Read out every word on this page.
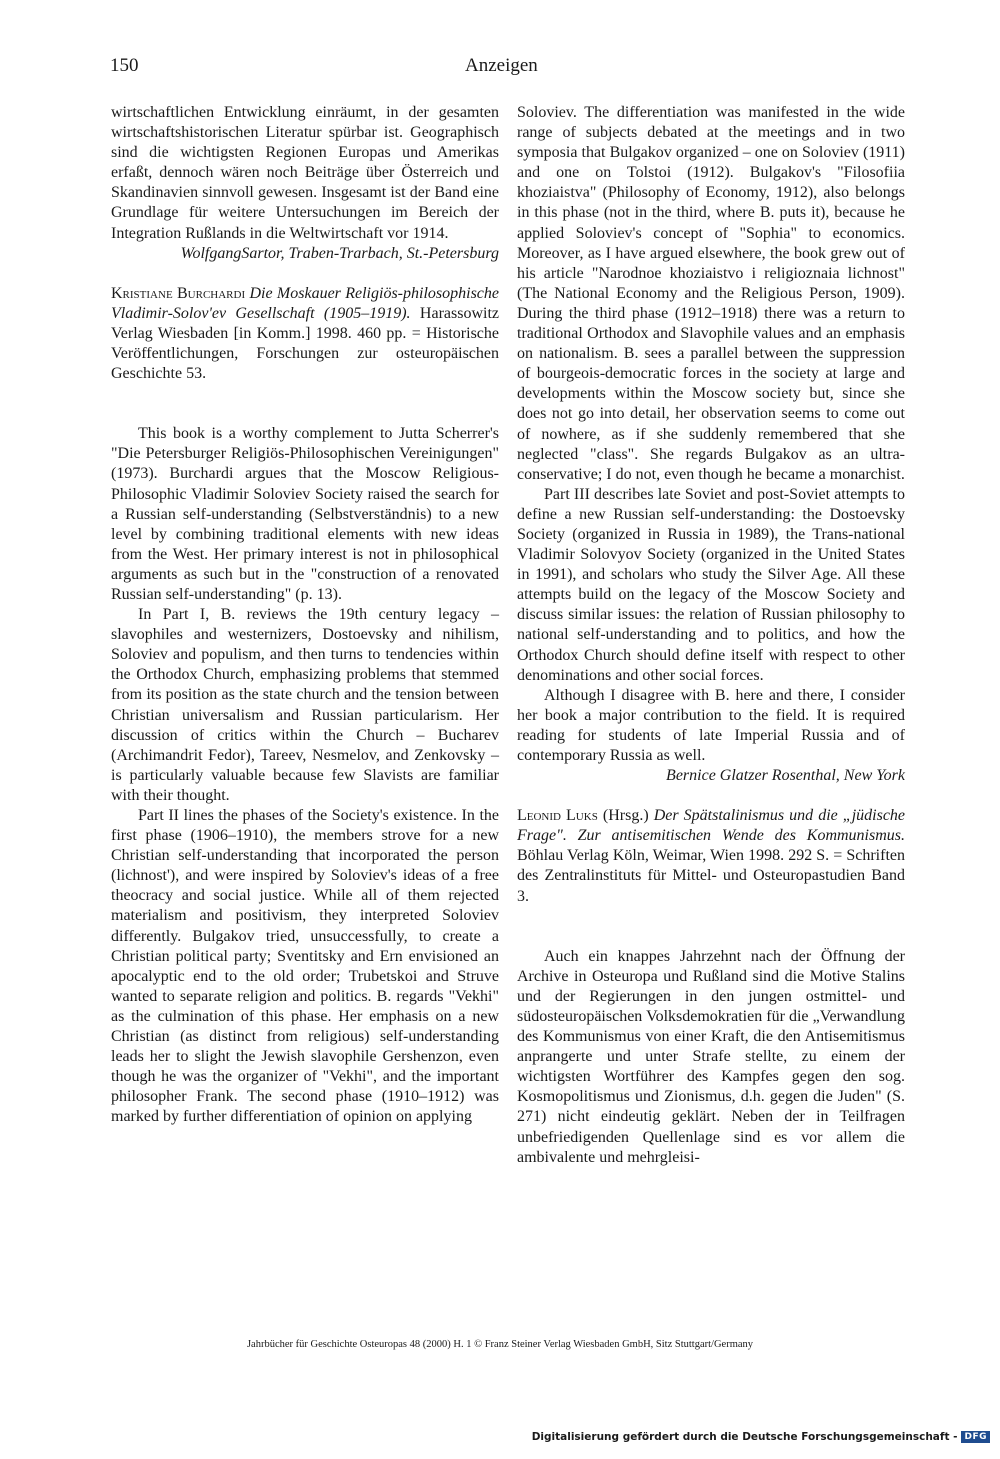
150	Anzeigen

wirtschaftlichen Entwicklung einräumt, in der gesamten wirtschaftshistorischen Literatur spürbar ist. Geographisch sind die wichtigsten Regionen Europas und Amerikas erfaßt, dennoch wären noch Beiträge über Österreich und Skandinavien sinnvoll gewesen. Insgesamt ist der Band eine Grundlage für weitere Untersuchungen im Bereich der Integration Rußlands in die Weltwirtschaft vor 1914.

WolfgangSartor, Traben-Trarbach, St.-Petersburg

Kristiane Burchardi Die Moskauer Religiös-philosophische Vladimir-Solov'ev Gesellschaft (1905–1919). Harassowitz Verlag Wiesbaden [in Komm.] 1998. 460 pp. = Historische Veröffentlichungen, Forschungen zur osteuropäischen Geschichte 53.

This book is a worthy complement to Jutta Scherrer's "Die Petersburger Religiös-Philosophischen Vereinigungen" (1973). Burchardi argues that the Moscow Religious-Philosophic Vladimir Soloviev Society raised the search for a Russian self-understanding (Selbstverständnis) to a new level by combining traditional elements with new ideas from the West. Her primary interest is not in philosophical arguments as such but in the "construction of a renovated Russian self-understanding" (p. 13).

In Part I, B. reviews the 19th century legacy – slavophiles and westernizers, Dostoevsky and nihilism, Soloviev and populism, and then turns to tendencies within the Orthodox Church, emphasizing problems that stemmed from its position as the state church and the tension between Christian universalism and Russian particularism. Her discussion of critics within the Church – Bucharev (Archimandrit Fedor), Tareev, Nesmelov, and Zenkovsky –is particularly valuable because few Slavists are familiar with their thought.

Part II lines the phases of the Society's existence. In the first phase (1906–1910), the members strove for a new Christian self-understanding that incorporated the person (lichnost'), and were inspired by Soloviev's ideas of a free theocracy and social justice. While all of them rejected materialism and positivism, they interpreted Soloviev differently. Bulgakov tried, unsuccessfully, to create a Christian political party; Sventitsky and Ern envisioned an apocalyptic end to the old order; Trubetskoi and Struve wanted to separate religion and politics. B. regards "Vekhi" as the culmination of this phase. Her emphasis on a new Christian (as distinct from religious) self-understanding leads her to slight the Jewish slavophile Gershenzon, even though he was the organizer of "Vekhi", and the important philosopher Frank. The second phase (1910–1912) was marked by further differentiation of opinion on applying

Soloviev. The differentiation was manifested in the wide range of subjects debated at the meetings and in two symposia that Bulgakov organized – one on Soloviev (1911) and one on Tolstoi (1912). Bulgakov's "Filosofiia khoziaistva" (Philosophy of Economy, 1912), also belongs in this phase (not in the third, where B. puts it), because he applied Soloviev's concept of "Sophia" to economics. Moreover, as I have argued elsewhere, the book grew out of his article "Narodnoe khoziaistvo i religioznaia lichnost" (The National Economy and the Religious Person, 1909). During the third phase (1912–1918) there was a return to traditional Orthodox and Slavophile values and an emphasis on nationalism. B. sees a parallel between the suppression of bourgeois-democratic forces in the society at large and developments within the Moscow society but, since she does not go into detail, her observation seems to come out of nowhere, as if she suddenly remembered that she neglected "class". She regards Bulgakov as an ultra-conservative; I do not, even though he became a monarchist.

Part III describes late Soviet and post-Soviet attempts to define a new Russian self-understanding: the Dostoevsky Society (organized in Russia in 1989), the Trans-national Vladimir Solovyov Society (organized in the United States in 1991), and scholars who study the Silver Age. All these attempts build on the legacy of the Moscow Society and discuss similar issues: the relation of Russian philosophy to national self-understanding and to politics, and how the Orthodox Church should define itself with respect to other denominations and other social forces.

Although I disagree with B. here and there, I consider her book a major contribution to the field. It is required reading for students of late Imperial Russia and of contemporary Russia as well.

Bernice Glatzer Rosenthal, New York

Leonid Luks (Hrsg.) Der Spätstalinismus und die „jüdische Frage". Zur antisemitischen Wende des Kommunismus. Böhlau Verlag Köln, Weimar, Wien 1998. 292 S. = Schriften des Zentralinstituts für Mittel- und Osteuropastudien Band 3.

Auch ein knappes Jahrzehnt nach der Öffnung der Archive in Osteuropa und Rußland sind die Motive Stalins und der Regierungen in den jungen ostmittel- und südosteuropäischen Volksdemokratien für die „Verwandlung des Kommunismus von einer Kraft, die den Antisemitismus anprangerte und unter Strafe stellte, zu einem der wichtigsten Wortführer des Kampfes gegen den sog. Kosmopolitismus und Zionismus, d.h. gegen die Juden" (S. 271) nicht eindeutig geklärt. Neben der in Teilfragen unbefriedigenden Quellenlage sind es vor allem die ambivalente und mehrgleisi-

Jahrbücher für Geschichte Osteuropas 48 (2000) H. 1 © Franz Steiner Verlag Wiesbaden GmbH, Sitz Stuttgart/Germany
Digitalisierung gefördert durch die Deutsche Forschungsgemeinschaft - DFG
